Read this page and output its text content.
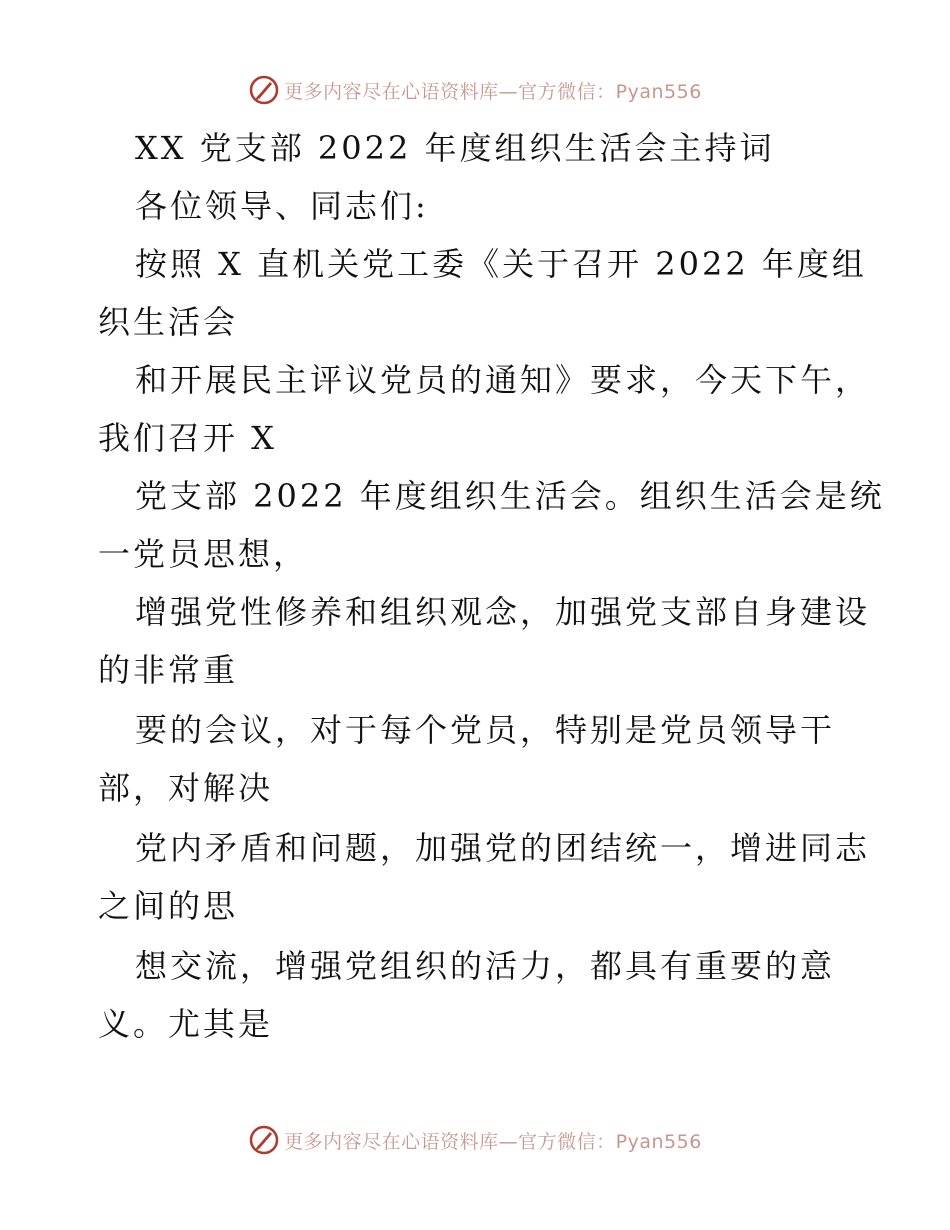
更多内容尽在心语资料库—官方微信：Pyan556
XX 党支部 2022 年度组织生活会主持词
各位领导、同志们:
按照 X 直机关党工委《关于召开 2022 年度组
织生活会
和开展民主评议党员的通知》要求，今天下午，
我们召开 X
党支部 2022 年度组织生活会。组织生活会是统
一党员思想，
增强党性修养和组织观念，加强党支部自身建设
的非常重
要的会议，对于每个党员，特别是党员领导干
部，对解决
党内矛盾和问题，加强党的团结统一，增进同志
之间的思
想交流，增强党组织的活力，都具有重要的意
义。尤其是
更多内容尽在心语资料库—官方微信：Pyan556
